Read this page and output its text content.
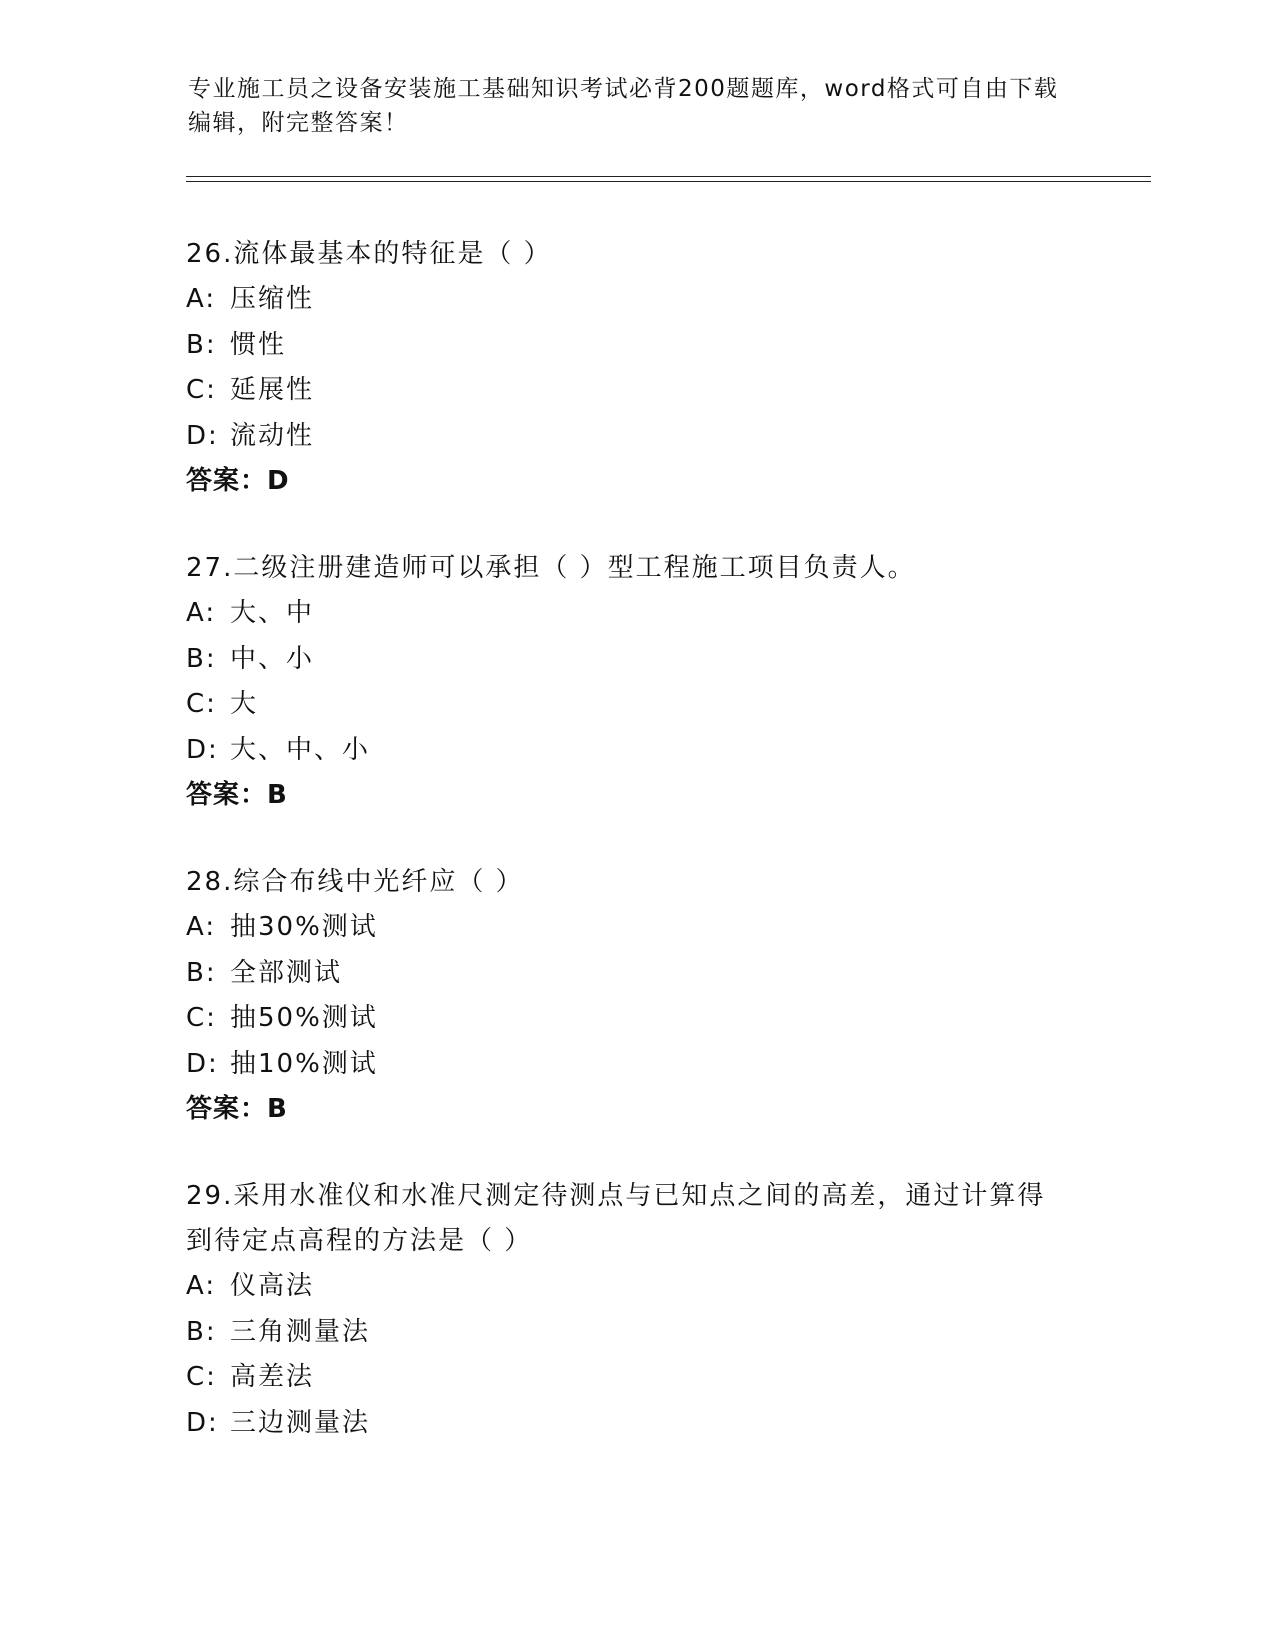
专业施工员之设备安装施工基础知识考试必背200题题库，word格式可自由下载
编辑，附完整答案！
26.流体最基本的特征是（ ）
A: 压缩性
B: 惯性
C: 延展性
D: 流动性
答案：D
27.二级注册建造师可以承担（ ）型工程施工项目负责人。
A: 大、中
B: 中、小
C: 大
D: 大、中、小
答案：B
28.综合布线中光纤应（ ）
A: 抽30%测试
B: 全部测试
C: 抽50%测试
D: 抽10%测试
答案：B
29.采用水准仪和水准尺测定待测点与已知点之间的高差，通过计算得
到待定点高程的方法是（ ）
A: 仪高法
B: 三角测量法
C: 高差法
D: 三边测量法
